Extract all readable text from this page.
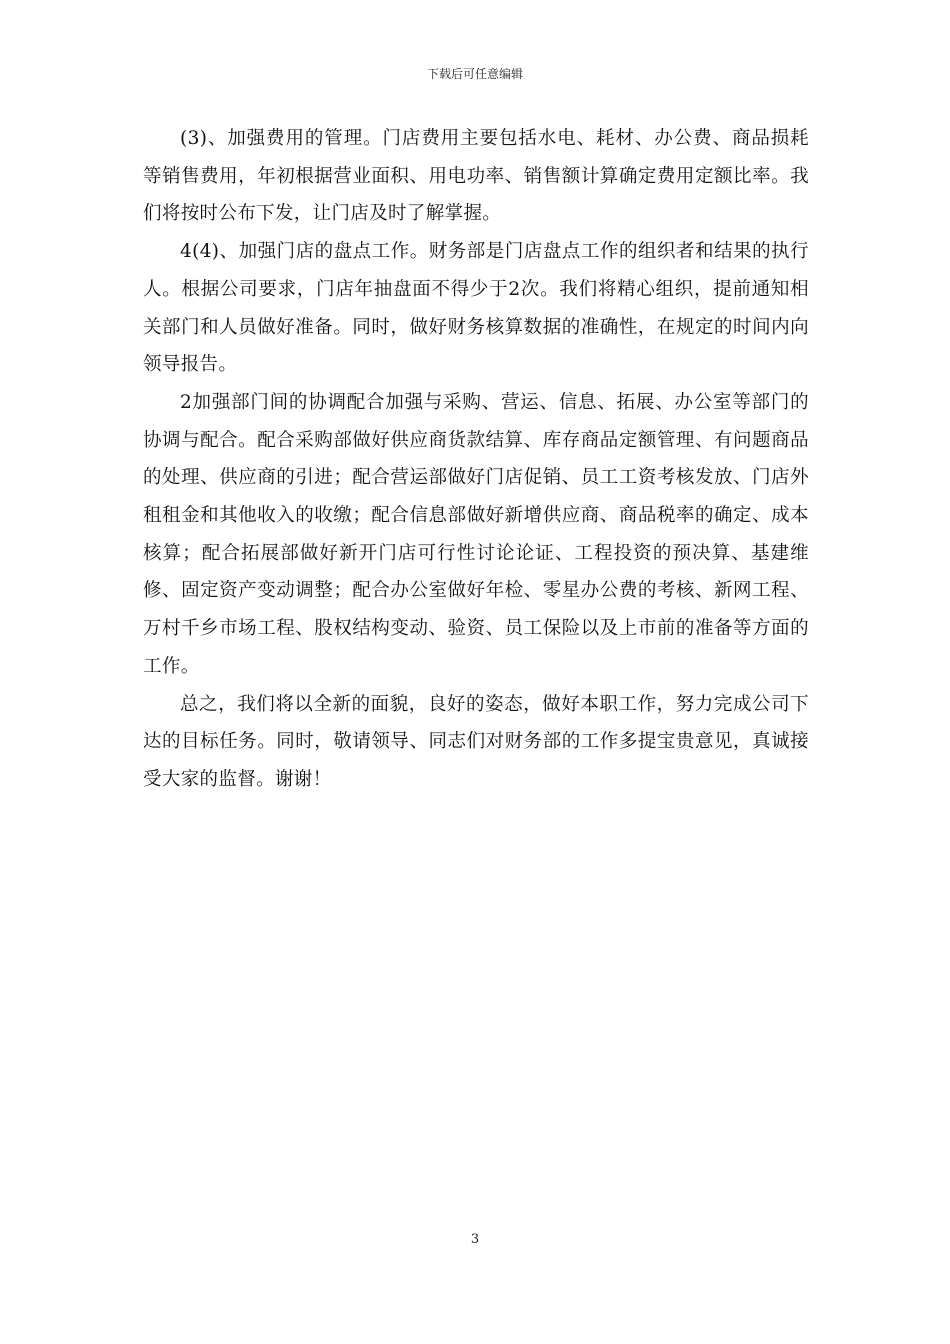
下载后可任意编辑

(3)、加强费用的管理。门店费用主要包括水电、耗材、办公费、商品损耗等销售费用，年初根据营业面积、用电功率、销售额计算确定费用定额比率。我们将按时公布下发，让门店及时了解掌握。

4(4)、加强门店的盘点工作。财务部是门店盘点工作的组织者和结果的执行人。根据公司要求，门店年抽盘面不得少于2次。我们将精心组织，提前通知相关部门和人员做好准备。同时，做好财务核算数据的准确性，在规定的时间内向领导报告。

2加强部门间的协调配合加强与采购、营运、信息、拓展、办公室等部门的协调与配合。配合采购部做好供应商货款结算、库存商品定额管理、有问题商品的处理、供应商的引进；配合营运部做好门店促销、员工工资考核发放、门店外租租金和其他收入的收缴；配合信息部做好新增供应商、商品税率的确定、成本核算；配合拓展部做好新开门店可行性讨论论证、工程投资的预决算、基建维修、固定资产变动调整；配合办公室做好年检、零星办公费的考核、新网工程、万村千乡市场工程、股权结构变动、验资、员工保险以及上市前的准备等方面的工作。

总之，我们将以全新的面貌，良好的姿态，做好本职工作，努力完成公司下达的目标任务。同时，敬请领导、同志们对财务部的工作多提宝贵意见，真诚接受大家的监督。谢谢！

3
